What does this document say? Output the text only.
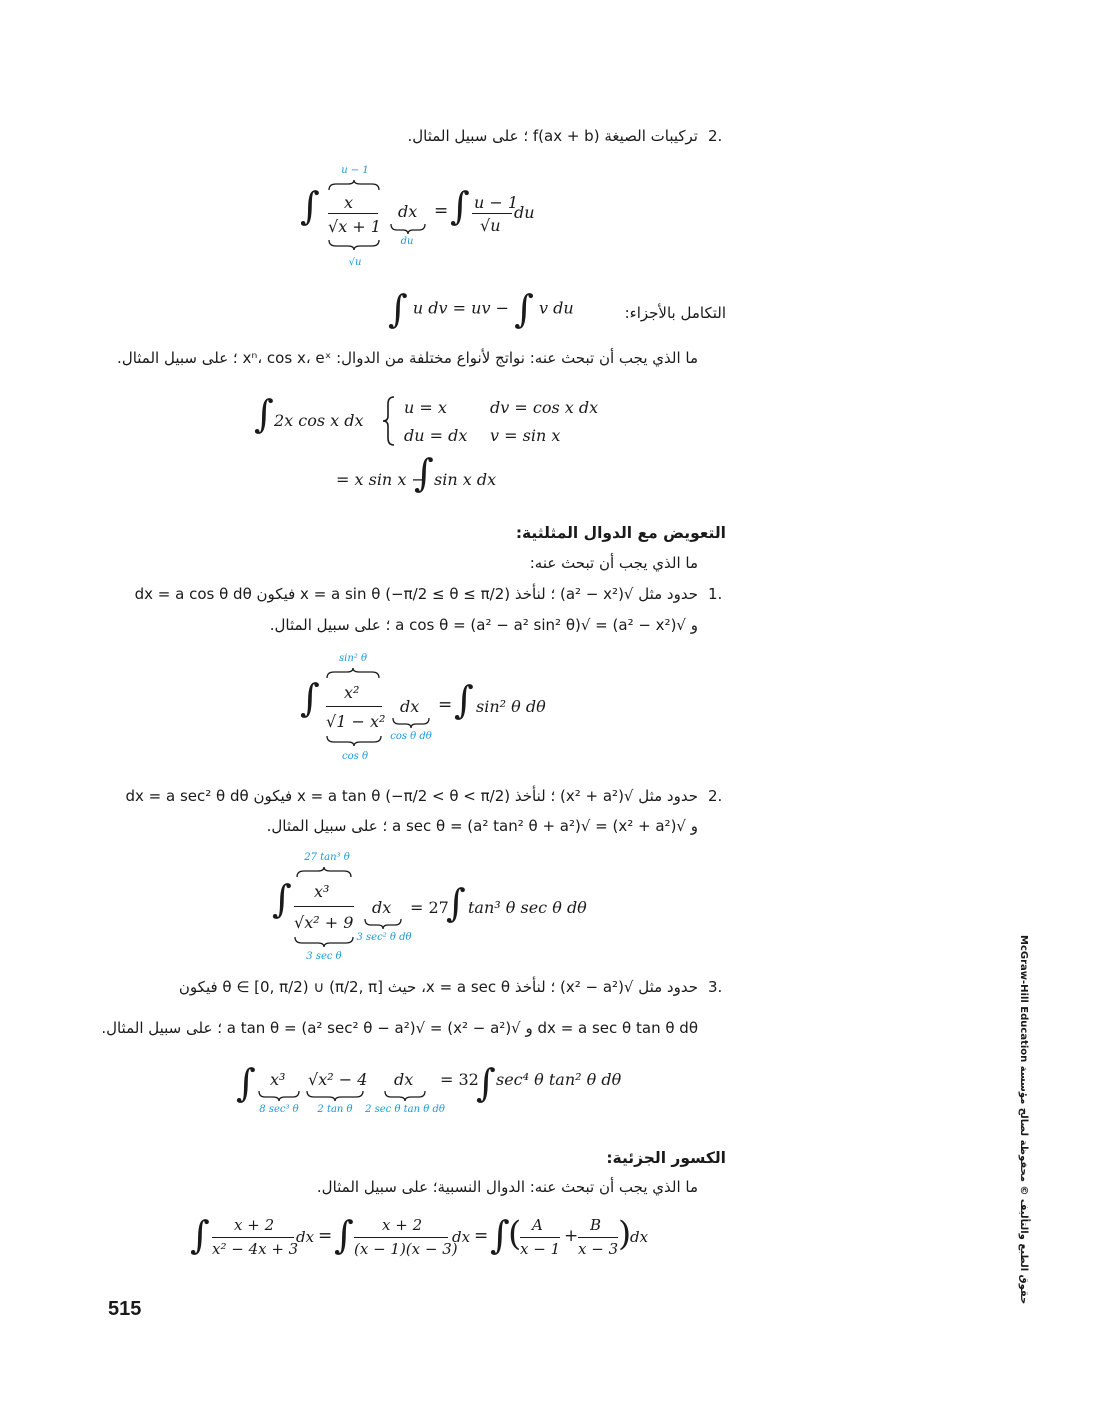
2.
تركيبات الصيغة f(ax + b) ؛ على سبيل المثال.
u − 1
∫ x
√x + 1
√u
dx
du
= ∫ u − 1
√u
du
∫ u dv = uv − ∫ v du	التكامل بالأجزاء:
ما الذي يجب أن تبحث عنه: نواتج لأنواع مختلفة من الدوال: xⁿ، cos x، eˣ ؛ على سبيل المثال.
∫ 2x cos x dx
u = x	dv = cos x dx
du = dx v = sin x
= x sin x −
∫ sin x dx
التعويض مع الدوال المثلثية:
ما الذي يجب أن تبحث عنه:
1.
حدود مثل √(a² − x²) ؛ لنأخذ x = a sin θ (−π/2 ≤ θ ≤ π/2) فيكون dx = a cos θ dθ
و √(a² − x²) = √(a² − a² sin² θ) = a cos θ ؛ على سبيل المثال.
sin² θ
∫ x²
√1 − x²
cos θ
dx
cos θ dθ
= ∫ sin² θ dθ
2.
حدود مثل √(x² + a²) ؛ لنأخذ x = a tan θ (−π/2 < θ < π/2) فيكون dx = a sec² θ dθ
و √(x² + a²) = √(a² tan² θ + a²) = a sec θ ؛ على سبيل المثال.
27 tan³ θ
∫ x³
√x² + 9
3 sec θ
dx
3 sec² θ dθ
= 27
∫ tan³ θ sec θ dθ
3.
حدود مثل √(x² − a²) ؛ لنأخذ x = a sec θ، حيث θ ∈ [0, π/2) ∪ (π/2, π] فيكون
dx = a sec θ tan θ dθ و √(x² − a²) = √(a² sec² θ − a²) = a tan θ ؛ على سبيل المثال.
∫ x³
8 sec³ θ
√x² − 4
2 tan θ
dx
2 sec θ tan θ dθ
= 32
∫ sec⁴ θ tan² θ dθ
الكسور الجزئية:
ما الذي يجب أن تبحث عنه: الدوال النسبية؛ على سبيل المثال.
∫ x + 2
x² − 4x + 3
dx = ∫ x + 2
(x − 1)(x − 3)
dx = ∫
( A
x − 1
+
B
x − 3 )
dx
515
McGraw-Hill Education حقوق الطبع والتأليف © محفوظة لصالح مؤسسة
